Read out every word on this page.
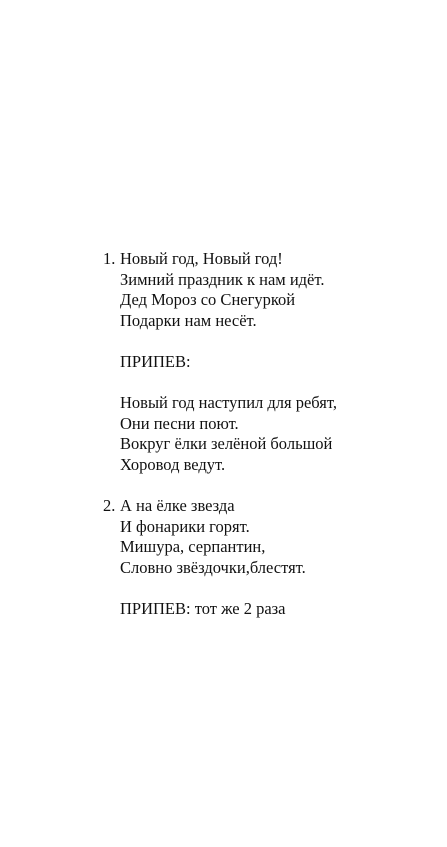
1. Новый год, Новый год!
Зимний праздник к нам идёт.
Дед Мороз со Снегуркой
Подарки нам несёт.
ПРИПЕВ:
Новый год наступил для ребят,
Они песни поют.
Вокруг ёлки зелёной большой
Хоровод ведут.
2. А на ёлке звезда
И фонарики горят.
Мишура, серпантин,
Словно звёздочки,блестят.
ПРИПЕВ: тот же 2 раза
